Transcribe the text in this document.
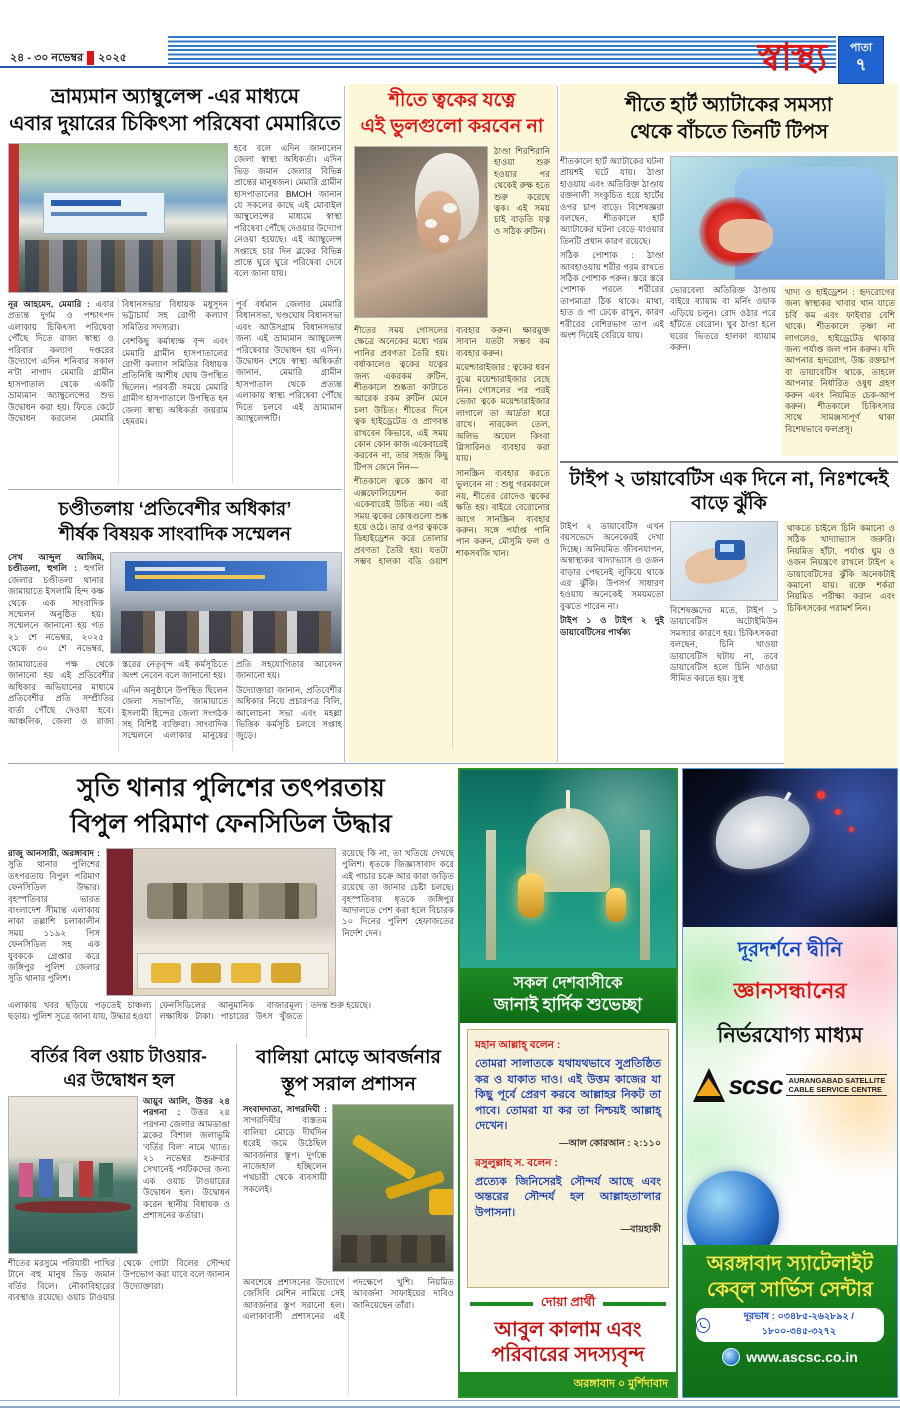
২৪ - ৩০ নভেম্বর ২০২৫	স্বাস্থ্য	পাতা
৭
ভ্রাম্যমান অ্যাম্বুলেন্স -এর মাধ্যমে
এবার দুয়ারের চিকিৎসা পরিষেবা মেমারিতে

হবে বলে এদিন জানালেন জেলা স্বাস্থ্য অধিকর্তা। এদিন ভিড় জমান জেলার বিভিন্ন প্রান্তের মানুষজন। মেমারি গ্রামীন হাসপাতালের BMOH জানান যে সকলের কাছে এই মোবাইল আম্বুলেন্সের মাধ্যমে স্বাস্থ্য পরিষেবা পৌঁছে দেওয়ার উদ্যোগ নেওয়া হয়েছে। এই অ্যাম্বুলেন্স সপ্তাহে চার দিন ব্লকের বিভিন্ন প্রান্তে ঘুরে ঘুরে পরিষেবা দেবে বলে জানা যায়।

নূর আহমেদ, মেমারি : এবার প্রত্যন্ত দুর্গম ও পশ্চাৎপদ এলাকায় চিকিৎসা পরিষেবা পৌঁছে দিতে রাজ্য স্বাস্থ্য ও পরিবার কল্যাণ দপ্তরের উদ্যোগে এদিন শনিবার সকাল ন'টা নাগাদ মেমারি গ্রামীন হাসপাতাল থেকে একটি ভ্রাম্যমান অ্যাম্বুলেন্সের শুভ উদ্বোধন করা হয়। ফিতে কেটে উদ্বোধন করলেন মেমারি বিধানসভার বিধায়ক মধুসূদন ভট্টাচার্য সহ রোগী কল্যাণ সমিতির সদস্যরা।

বেশকিছু কর্মাধ্যক্ষ বৃন্দ এবং মেমারি গ্রামীন হাসপাতালের রোগী কল্যাণ সমিতির বিধায়ক প্রতিনিধি আশীষ ঘোষ উপস্থিত ছিলেন। পরবর্তী সময়ে মেমারি গ্রামীণ হাসপাতালে উপস্থিত হন জেলা স্বাস্থ্য অধিকর্তা জয়রাম হেমরম।

পূর্ব বর্ধমান জেলার মেমারি বিধানসভা, খণ্ডঘোষ বিধানসভা এবং আউসগ্রাম বিধানসভার জন্য এই ভ্রাম্যমান অ্যাম্বুলেন্স পরিষেবার উদ্বোধন হয় এদিন। উদ্বোধন শেষে স্বাস্থ্য অধিকর্তা জানান, মেমারি গ্রামীন হাসপাতাল থেকে প্রত্যন্ত এলাকায় স্বাস্থ্য পরিষেবা পৌঁছে দিতে চলবে এই ভ্রাম্যমান অ্যাম্বুলেন্সটি।

চণ্ডীতলায় ‘প্রতিবেশীর অধিকার’
শীর্ষক বিষয়ক সাংবাদিক সম্মেলন

সেখ আব্দুল আজিম, চণ্ডীতলা, হুগলি : হুগলি জেলার চণ্ডীতলা থানার জামায়াতে ইসলামি হিন্দ কক্ষ থেকে এক সাংবাদিক সম্মেলন অনুষ্ঠিত হয়। সম্মেলনে জানানো হয় গত ২১ শে নভেম্বর, ২০২৫ থেকে ৩০ শে নভেম্বর,

জামায়াতের পক্ষ থেকে জানানো হয় এই প্রতিবেশীর অধিকার অভিযানের মাধ্যমে প্রতিবেশীর প্রতি সম্প্রীতির বার্তা পৌঁছে দেওয়া হবে। আঞ্চলিক, জেলা ও রাজ্য স্তরের নেতৃবৃন্দ এই কর্মসূচিতে অংশ নেবেন বলে জানানো হয়।

এদিন অনুষ্ঠানে উপস্থিত ছিলেন জেলা সভাপতি, জামায়াতে ইসলামী হিন্দের জেলা সংগঠক সহ বিশিষ্ট ব্যক্তিরা। সাংবাদিক সম্মেলনে এলাকার মানুষের প্রতি সহযোগিতার আবেদন জানানো হয়।

উদ্যোক্তারা জানান, প্রতিবেশীর অধিকার নিয়ে প্রচারপত্র বিলি, আলোচনা সভা এবং মহল্লা ভিত্তিক কর্মসূচি চলবে সপ্তাহ জুড়ে।

শীতে ত্বকের যত্নে
এই ভুলগুলো করবেন না

ঠাণ্ডা শিরশিরানি হাওয়া শুরু হওয়ার পর থেকেই রুক্ষ হতে শুরু করেছে ত্বক। এই সময় চাই বাড়তি যত্ন ও সঠিক রুটিন।

শীতের সময় গোসলের ক্ষেত্রে অনেকের মধ্যে গরম পানির প্রবণতা তৈরি হয়। বর্ষাকালেও ত্বকের যত্নের জন্য একরকম রুটিন, শীতকালে শুষ্কতা কাটাতে আরেক রকম রুটিন মেনে চলা উচিত। শীতের দিনে ত্বক হাইড্রেটেড ও প্রাণবন্ত রাখবেন কিভাবে, এই সময় কোন কোন কাজ একেবারেই করবেন না, তার সহজ কিছু টিপস জেনে নিন—

শীতকালে ত্বকে স্ক্রাব বা এক্সফোলিয়েশন করা একেবারেই উচিত নয়। এই সময় ত্বকের কোষগুলো শুষ্ক হয়ে ওঠে। তার ওপর ত্বককে ডিহাইড্রেশন করে তোলার প্রবণতা তৈরি হয়। যতটা সম্ভব হালকা বডি ওয়াশ ব্যবহার করুন। ক্ষারমুক্ত সাবান যতটা সম্ভব কম ব্যবহার করুন।

ময়েশ্চারাইজার : ত্বকের ধরন বুঝে ময়েশ্চারাইজার বেছে নিন। গোসলের পর পরই ভেজা ত্বকে ময়েশ্চারাইজার লাগালে তা আর্দ্রতা ধরে রাখে। নারকেল তেল, অলিভ অয়েল কিংবা গ্লিসারিনও ব্যবহার করা যায়।

সানস্ক্রিন ব্যবহার করতে ভুলবেন না : শুধু গরমকালে নয়, শীতের রোদেও ত্বকের ক্ষতি হয়। বাইরে বেরোনোর আগে সানস্ক্রিন ব্যবহার করুন। সঙ্গে পর্যাপ্ত পানি পান করুন, মৌসুমি ফল ও শাকসবজি খান।

শীতে হার্ট অ্যাটাকের সমস্যা
থেকে বাঁচতে তিনটি টিপস

শীতকালে হার্ট অ্যাটাকের ঘটনা প্রায়শই ঘটে যায়। ঠাণ্ডা হাওয়ায় এবং অতিরিক্ত ঠাণ্ডায় রক্তনালী সংকুচিত হয়ে হার্টের ওপর চাপ বাড়ে। বিশেষজ্ঞরা বলছেন, শীতকালে হার্ট অ্যাটাকের ঘটনা বেড়ে যাওয়ার তিনটি প্রধান কারণ রয়েছে।

সঠিক পোশাক : ঠাণ্ডা আবহাওয়ায় শরীর গরম রাখতে সঠিক পোশাক পরুন। স্তরে স্তরে পোশাক পরলে শরীরের তাপমাত্রা ঠিক থাকে। মাথা, হাত ও পা ঢেকে রাখুন, কারণ শরীরের বেশিরভাগ তাপ এই অংশ দিয়েই বেরিয়ে যায়।

ভোরবেলা অতিরিক্ত ঠাণ্ডায় বাইরে ব্যায়াম বা মর্নিং ওয়াক এড়িয়ে চলুন। রোদ ওঠার পরে হাঁটতে বেরোন। খুব ঠাণ্ডা হলে ঘরের ভিতরে হালকা ব্যায়াম করুন।

খাদ্য ও হাইড্রেশন : হৃদরোগের জন্য স্বাস্থ্যকর খাবার খান যাতে চর্বি কম এবং ফাইবার বেশি থাকে। শীতকালে তৃষ্ণা না লাগলেও, হাইড্রেটেড থাকার জন্য পর্যাপ্ত জল পান করুন। যদি আপনার হৃদরোগ, উচ্চ রক্তচাপ বা ডায়াবেটিস থাকে, তাহলে আপনার নির্ধারিত ওষুধ গ্রহণ করুন এবং নিয়মিত চেক-আপ করুন। শীতকালে চিকিৎসার সাথে সামঞ্জস্যপূর্ণ থাকা বিশেষভাবে ফলপ্রসূ।

টাইপ ২ ডায়াবেটিস এক দিনে না, নিঃশব্দেই বাড়ে ঝুঁকি

টাইপ ২ ডায়াবেটিস এখন বয়সভেদে অনেকেরই দেখা দিচ্ছে। অনিয়মিত জীবনযাপন, অস্বাস্থ্যকর খাদ্যাভ্যাস ও ওজন বাড়ার পেছনেই লুকিয়ে থাকে এর ঝুঁকি। উপসর্গ সাধারণ হওয়ায় অনেকেই সময়মতো বুঝতে পারেন না।

টাইপ ১ ও টাইপ ২ দুই ডায়াবেটিসের পার্থক্য

বিশেষজ্ঞদের মতে, টাইপ ১ ডায়াবেটিস অটোইমিউন সমস্যার কারণে হয়। চিকিৎসকরা বলছেন, চিনি খাওয়া ডায়াবেটিস ঘটায় না, তবে ডায়াবেটিস হলে চিনি খাওয়া সীমিত করতে হয়। সুস্থ

থাকতে চাইলে চিনি কমানো ও সঠিক খাদ্যাভ্যাস জরুরি। নিয়মিত হাঁটা, পর্যাপ্ত ঘুম ও ওজন নিয়ন্ত্রণে রাখলে টাইপ ২ ডায়াবেটিসের ঝুঁকি অনেকটাই কমানো যায়। রক্তে শর্করা নিয়মিত পরীক্ষা করান এবং চিকিৎসকের পরামর্শ নিন।

সুতি থানার পুলিশের তৎপরতায়
বিপুল পরিমাণ ফেনসিডিল উদ্ধার

রাজু আনসারী, অরঙ্গাবাদ : সুতি থানার পুলিশের তৎপরতায় বিপুল পরিমাণ ফেনসিডিল উদ্ধার। বৃহস্পতিবার ভারত বাংলাদেশ সীমান্ত এলাকায় নাকা তল্লাশি চলাকালীন সময় ১১৯২ পিস ফেনসিডিল সহ এক যুবককে গ্রেপ্তার করে জঙ্গিপুর পুলিশ জেলার সুতি থানার পুলিশ।

রয়েছে কি না, তা খতিয়ে দেখছে পুলিশ। ধৃতকে জিজ্ঞাসাবাদ করে এই পাচার চক্রে আর কারা জড়িত রয়েছে তা জানার চেষ্টা চলছে। বৃহস্পতিবার ধৃতকে জঙ্গিপুর আদালতে পেশ করা হলে বিচারক ১০ দিনের পুলিশ হেফাজতের নির্দেশ দেন।

এলাকায় খবর ছড়িয়ে পড়তেই চাঞ্চল্য ছড়ায়। পুলিশ সূত্রে জানা যায়, উদ্ধার হওয়া ফেনসিডিলের আনুমানিক বাজারমূল্য লক্ষাধিক টাকা। পাচারের উৎস খুঁজতে তদন্ত শুরু হয়েছে।

বর্তির বিল ওয়াচ টাওয়ার-
এর উদ্বোধন হল

আয়ুব আলি, উত্তর ২৪ পরগনা : উত্তর ২৪ পরগনা জেলার আমডাঙা ব্লকের বিশাল জলাভূমি ‘বর্তির বিল’ নামে খ্যাত। ২১ নভেম্বর শুক্রবার সেখানেই পর্যটকদের জন্য এক ওয়াচ টাওয়ারের উদ্বোধন হল। উদ্বোধন করেন স্থানীয় বিধায়ক ও প্রশাসনের কর্তারা।

শীতের মরসুমে পরিযায়ী পাখির টানে বহু মানুষ ভিড় জমান বর্তির বিলে। নৌকাবিহারের ব্যবস্থাও রয়েছে। ওয়াচ টাওয়ার থেকে গোটা বিলের সৌন্দর্য উপভোগ করা যাবে বলে জানান উদ্যোক্তারা।

বালিয়া মোড়ে আবর্জনার
স্তূপ সরাল প্রশাসন

সংবাদদাতা, সাগরদিঘী : সাগরদিঘীর ব্যস্ততম বালিয়া মোড়ে দীর্ঘদিন ধরেই জমে উঠেছিল আবর্জনার স্তূপ। দুর্গন্ধে নাজেহাল হচ্ছিলেন পথচারী থেকে ব্যবসায়ী সকলেই।

অবশেষে প্রশাসনের উদ্যোগে জেসিবি মেশিন নামিয়ে সেই আবর্জনার স্তূপ সরানো হল। এলাকাবাসী প্রশাসনের এই পদক্ষেপে খুশি। নিয়মিত আবর্জনা সাফাইয়ের দাবিও জানিয়েছেন তাঁরা।

সকল দেশবাসীকে
জানাই হার্দিক শুভেচ্ছা
মহান আল্লাহ্‌ বলেন :
তোমরা সালাতকে যথাযথভাবে সুপ্রতিষ্ঠিত কর ও যাকাত দাও। এই উত্তম কাজের যা কিছু পূর্বে প্রেরণ করবে আল্লাহর নিকট তা পাবে। তোমরা যা কর তা নিশ্চয়ই আল্লাহ্‌ দেখেন।
—আল কোরআন : ২:১১০
রসুলুল্লাহ স. বলেন :
প্রত্যেক জিনিসেরই সৌন্দর্য আছে এবং অন্তরের সৌন্দর্য হল আল্লাহতা'লার উপাসনা।
—বায়হাকী
দোয়া প্রার্থী
আবুল কালাম এবং
পরিবারের সদস্যবৃন্দ
অরঙ্গাবাদ ০ মুর্শিদাবাদ
দূরদর্শনে দ্বীনি
জ্ঞানসন্ধানের
নির্ভরযোগ্য মাধ্যম
scsc AURANGABAD SATELLITE
CABLE SERVICE CENTRE
অরঙ্গাবাদ স্যাটেলাইট
কেব্‌ল সার্ভিস সেন্টার
দূরভাষ : ০৩৪৮৫-২৬২৮৯২ / ১৮০০-৩৪৫-৩২৭২
www.ascsc.co.in
